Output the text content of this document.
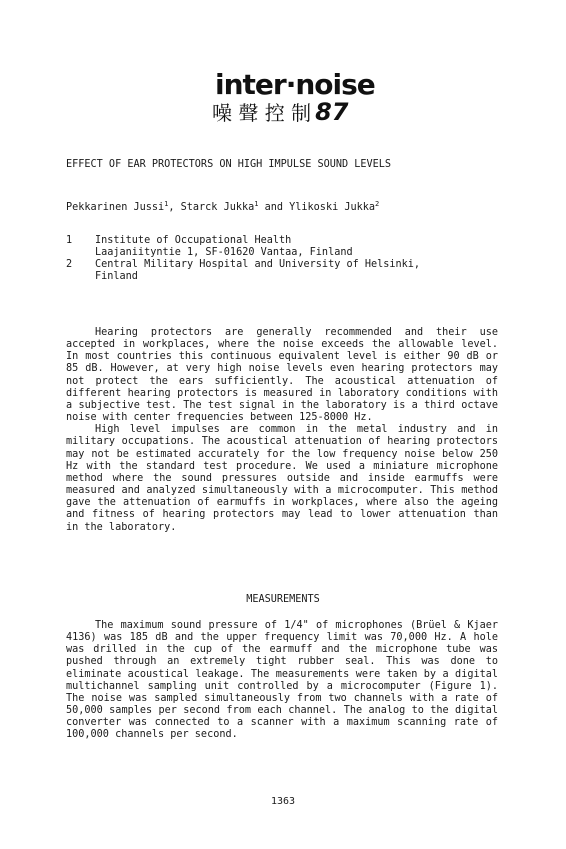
inter·noise
噪 聲 控 制 87
EFFECT OF EAR PROTECTORS ON HIGH IMPULSE SOUND LEVELS
Pekkarinen Jussi$^1$, Starck Jukka$^1$ and Ylikoski Jukka$^2$
1	Institute of Occupational Health
Laajaniityntie 1, SF-01620 Vantaa, Finland
2	Central Military Hospital and University of Helsinki,
Finland

Hearing protectors are generally recommended and their use accepted in workplaces, where the noise exceeds the allowable level. In most countries this continuous equivalent level is either 90 dB or 85 dB. However, at very high noise levels even hearing protectors may not protect the ears sufficiently. The acoustical attenuation of different hearing protectors is measured in laboratory conditions with a subjective test. The test signal in the laboratory is a third octave noise with center frequencies between 125-8000 Hz.

High level impulses are common in the metal industry and in military occupations. The acoustical attenuation of hearing protectors may not be estimated accurately for the low frequency noise below 250 Hz with the standard test procedure. We used a miniature microphone method where the sound pressures outside and inside earmuffs were measured and analyzed simultaneously with a microcomputer. This method gave the attenuation of earmuffs in workplaces, where also the ageing and fitness of hearing protectors may lead to lower attenuation than in the laboratory.

MEASUREMENTS

The maximum sound pressure of 1/4" of microphones (Brüel & Kjaer 4136) was 185 dB and the upper frequency limit was 70,000 Hz. A hole was drilled in the cup of the earmuff and the microphone tube was pushed through an extremely tight rubber seal. This was done to eliminate acoustical leakage. The measurements were taken by a digital multichannel sampling unit controlled by a microcomputer (Figure 1). The noise was sampled simultaneously from two channels with a rate of 50,000 samples per second from each channel. The analog to the digital converter was connected to a scanner with a maximum scanning rate of 100,000 channels per second.

1363
